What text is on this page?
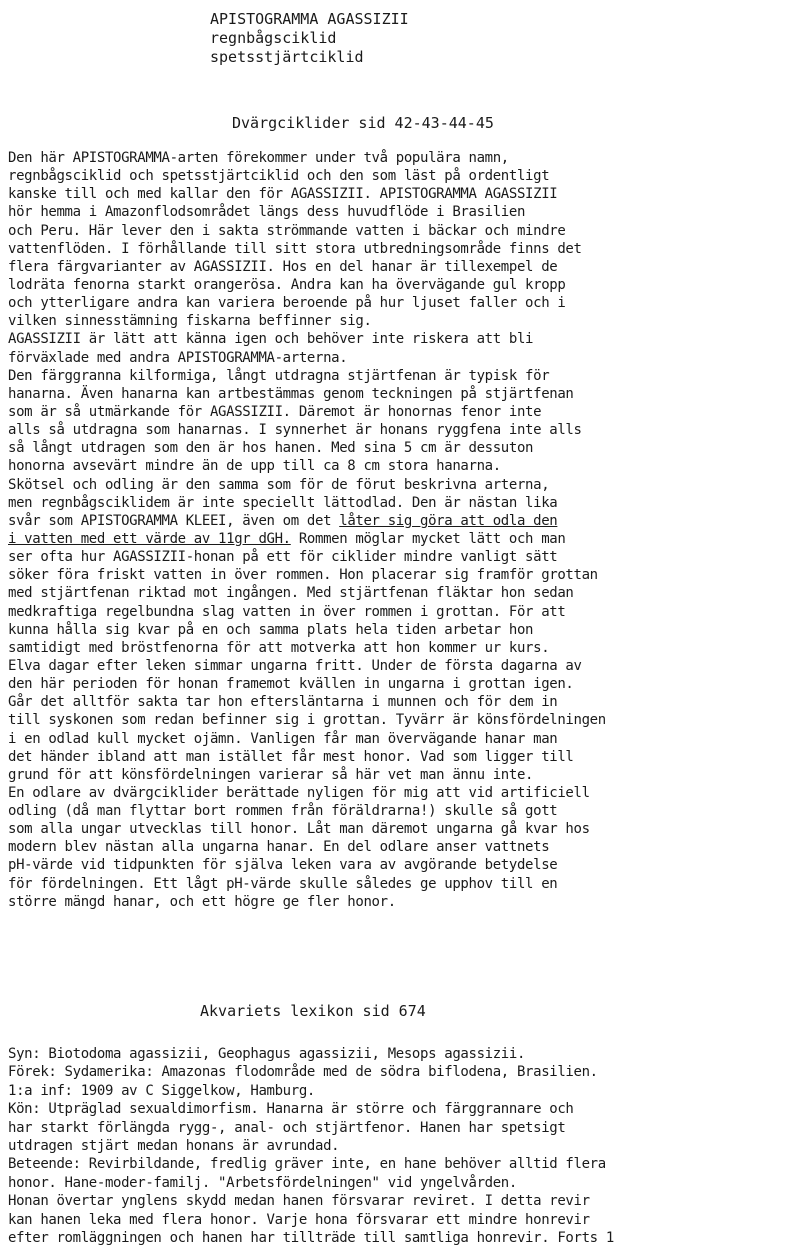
APISTOGRAMMA AGASSIZII
regnbågsciklid
spetsstjärtciklid
Dvärgciklider sid 42-43-44-45
Den här APISTOGRAMMA-arten förekommer under två populära namn,
regnbågsciklid och spetsstjärtciklid och den som läst på ordentligt
kanske till och med kallar den för AGASSIZII. APISTOGRAMMA AGASSIZII
hör hemma i Amazonflodsområdet längs dess huvudflöde i Brasilien
och Peru. Här lever den i sakta strömmande vatten i bäckar och mindre
vattenflöden. I förhållande till sitt stora utbredningsområde finns det
flera färgvarianter av AGASSIZII. Hos en del hanar är tillexempel de
lodräta fenorna starkt orangerösa. Andra kan ha övervägande gul kropp
och ytterligare andra kan variera beroende på hur ljuset faller och i
vilken sinnesstämning fiskarna beffinner sig.
AGASSIZII är lätt att känna igen och behöver inte riskera att bli
förväxlade med andra APISTOGRAMMA-arterna.
Den färggranna kilformiga, långt utdragna stjärtfenan är typisk för
hanarna. Även hanarna kan artbestämmas genom teckningen på stjärtfenan
som är så utmärkande för AGASSIZII. Däremot är honornas fenor inte
alls så utdragna som hanarnas. I synnerhet är honans ryggfena inte alls
så långt utdragen som den är hos hanen. Med sina 5 cm är dessuton
honorna avsevärt mindre än de upp till ca 8 cm stora hanarna.
Skötsel och odling är den samma som för de förut beskrivna arterna,
men regnbågsciklidem är inte speciellt lättodlad. Den är nästan lika
svår som APISTOGRAMMA KLEEI, även om det låter sig göra att odla den
i vatten med ett värde av 11gr dGH. Rommen möglar mycket lätt och man
ser ofta hur AGASSIZII-honan på ett för ciklider mindre vanligt sätt
söker föra friskt vatten in över rommen. Hon placerar sig framför grottan
med stjärtfenan riktad mot ingången. Med stjärtfenan fläktar hon sedan
medkraftiga regelbundna slag vatten in över rommen i grottan. För att
kunna hålla sig kvar på en och samma plats hela tiden arbetar hon
samtidigt med bröstfenorna för att motverka att hon kommer ur kurs.
Elva dagar efter leken simmar ungarna fritt. Under de första dagarna av
den här perioden för honan framemot kvällen in ungarna i grottan igen.
Går det alltför sakta tar hon eftersläntarna i munnen och för dem in
till syskonen som redan befinner sig i grottan. Tyvärr är könsfördelningen
i en odlad kull mycket ojämn. Vanligen får man övervägande hanar man
det händer ibland att man istället får mest honor. Vad som ligger till
grund för att könsfördelningen varierar så här vet man ännu inte.
En odlare av dvärgciklider berättade nyligen för mig att vid artificiell
odling (då man flyttar bort rommen från föräldrarna!) skulle så gott
som alla ungar utvecklas till honor. Låt man däremot ungarna gå kvar hos
modern blev nästan alla ungarna hanar. En del odlare anser vattnets
pH-värde vid tidpunkten för själva leken vara av avgörande betydelse
för fördelningen. Ett lågt pH-värde skulle således ge upphov till en
större mängd hanar, och ett högre ge fler honor.
Akvariets lexikon sid 674
Syn: Biotodoma agassizii, Geophagus agassizii, Mesops agassizii.
Förek: Sydamerika: Amazonas flodområde med de södra biflodena, Brasilien.
1:a inf: 1909 av C Siggelkow, Hamburg.
Kön: Utpräglad sexualdimorfism. Hanarna är större och färggrannare och
har starkt förlängda rygg-, anal- och stjärtfenor. Hanen har spetsigt
utdragen stjärt medan honans är avrundad.
Beteende: Revirbildande, fredlig gräver inte, en hane behöver alltid flera
honor. Hane-moder-familj. "Arbetsfördelningen" vid yngelvården.
Honan övertar ynglens skydd medan hanen försvarar reviret. I detta revir
kan hanen leka med flera honor. Varje hona försvarar ett mindre honrevir
efter romläggningen och hanen har tillträde till samtliga honrevir. Forts 1
